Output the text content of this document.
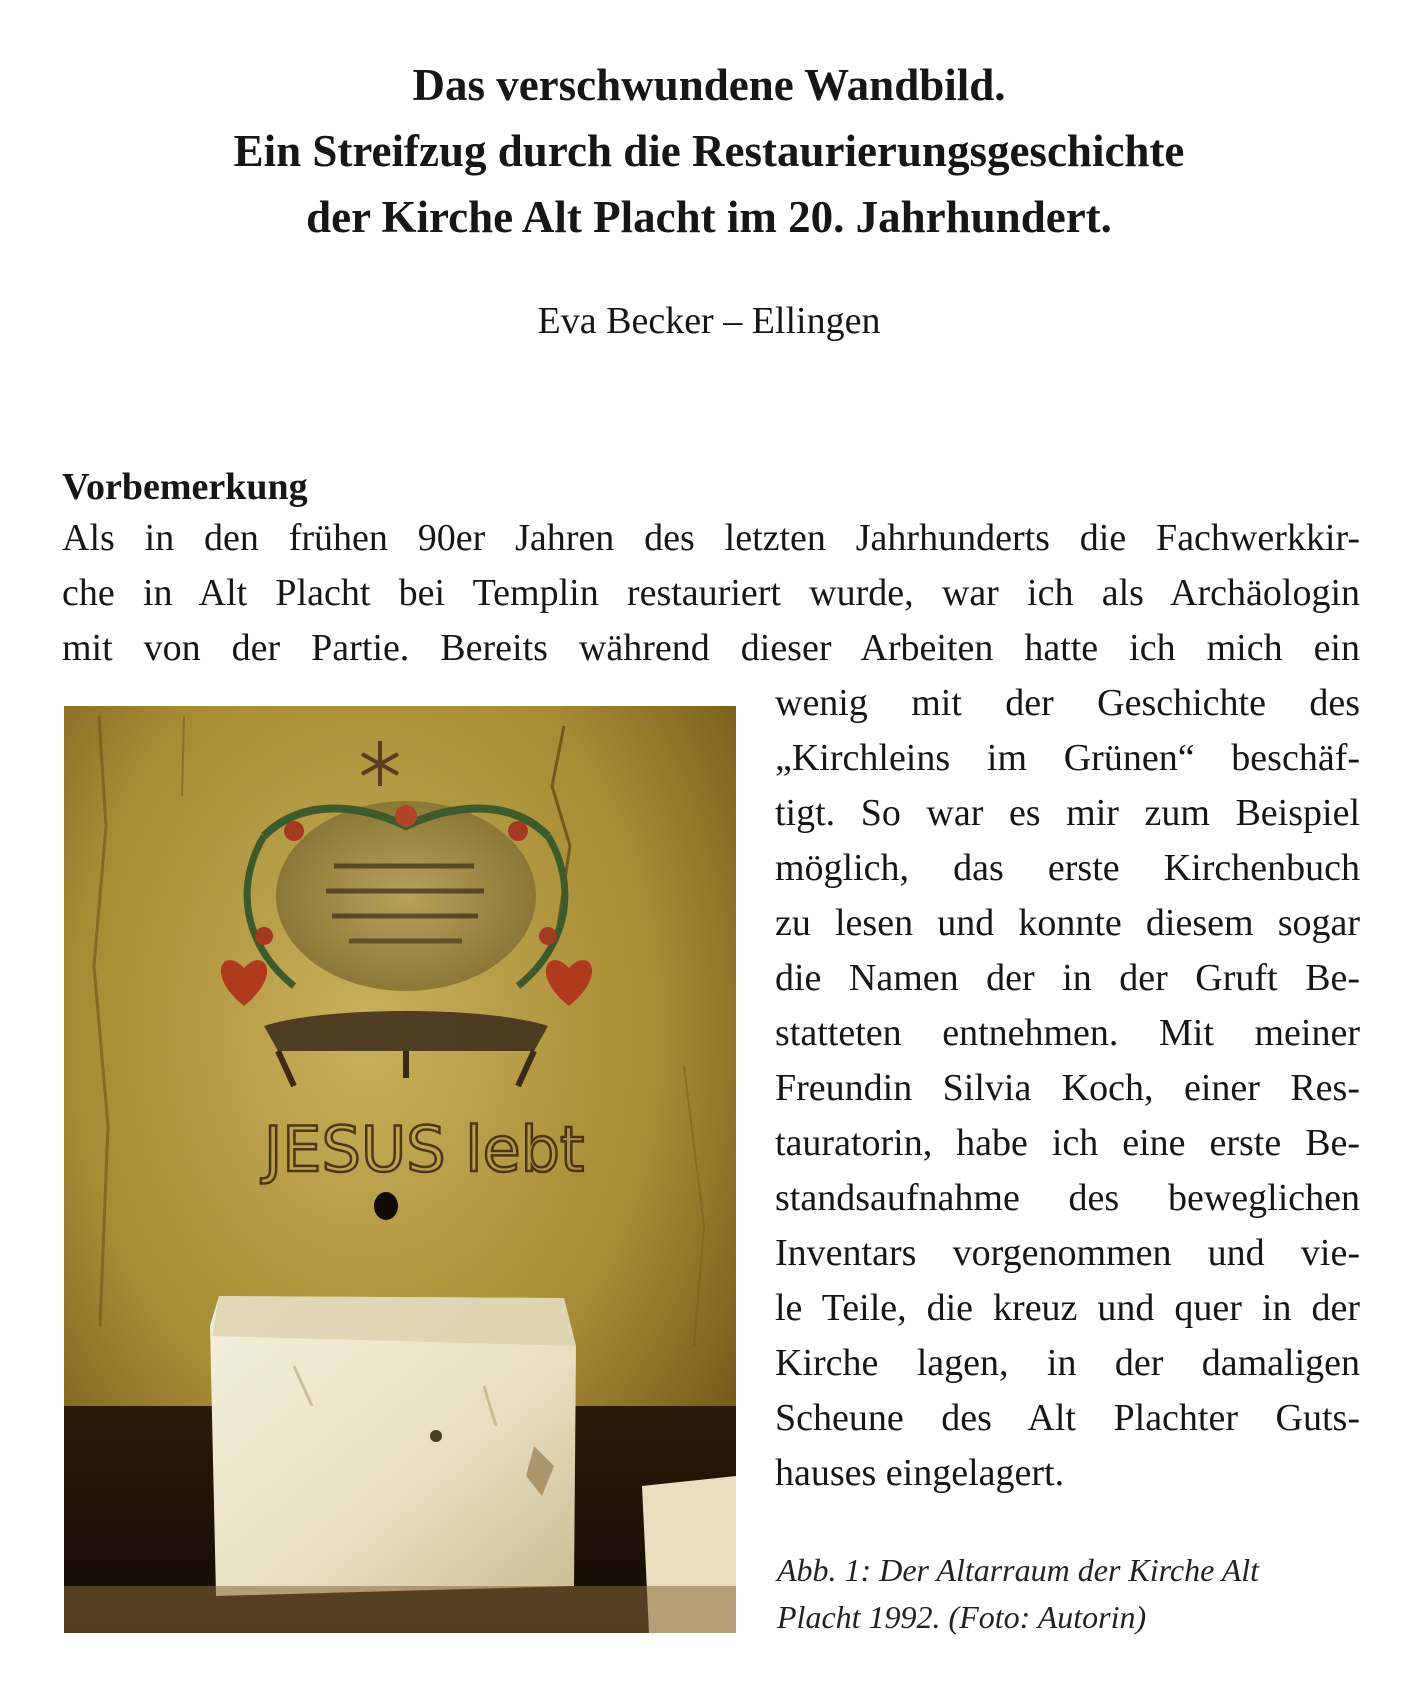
Das verschwundene Wandbild.
Ein Streifzug durch die Restaurierungsgeschichte
der Kirche Alt Placht im 20. Jahrhundert.
Eva Becker – Ellingen
Vorbemerkung
Als in den frühen 90er Jahren des letzten Jahrhunderts die Fachwerkkir-
che in Alt Placht bei Templin restauriert wurde, war ich als Archäologin
mit von der Partie. Bereits während dieser Arbeiten hatte ich mich ein
wenig mit der Geschichte des
„Kirchleins im Grünen“ beschäf-
tigt. So war es mir zum Beispiel
möglich, das erste Kirchenbuch
zu lesen und konnte diesem sogar
die Namen der in der Gruft Be-
statteten entnehmen. Mit meiner
Freundin Silvia Koch, einer Res-
tauratorin, habe ich eine erste Be-
standsaufnahme des beweglichen
Inventars vorgenommen und vie-
le Teile, die kreuz und quer in der
Kirche lagen, in der damaligen
Scheune des Alt Plachter Guts-
hauses eingelagert.
JESUS lebt
Abb. 1: Der Altarraum der Kirche Alt
Placht 1992. (Foto: Autorin)
